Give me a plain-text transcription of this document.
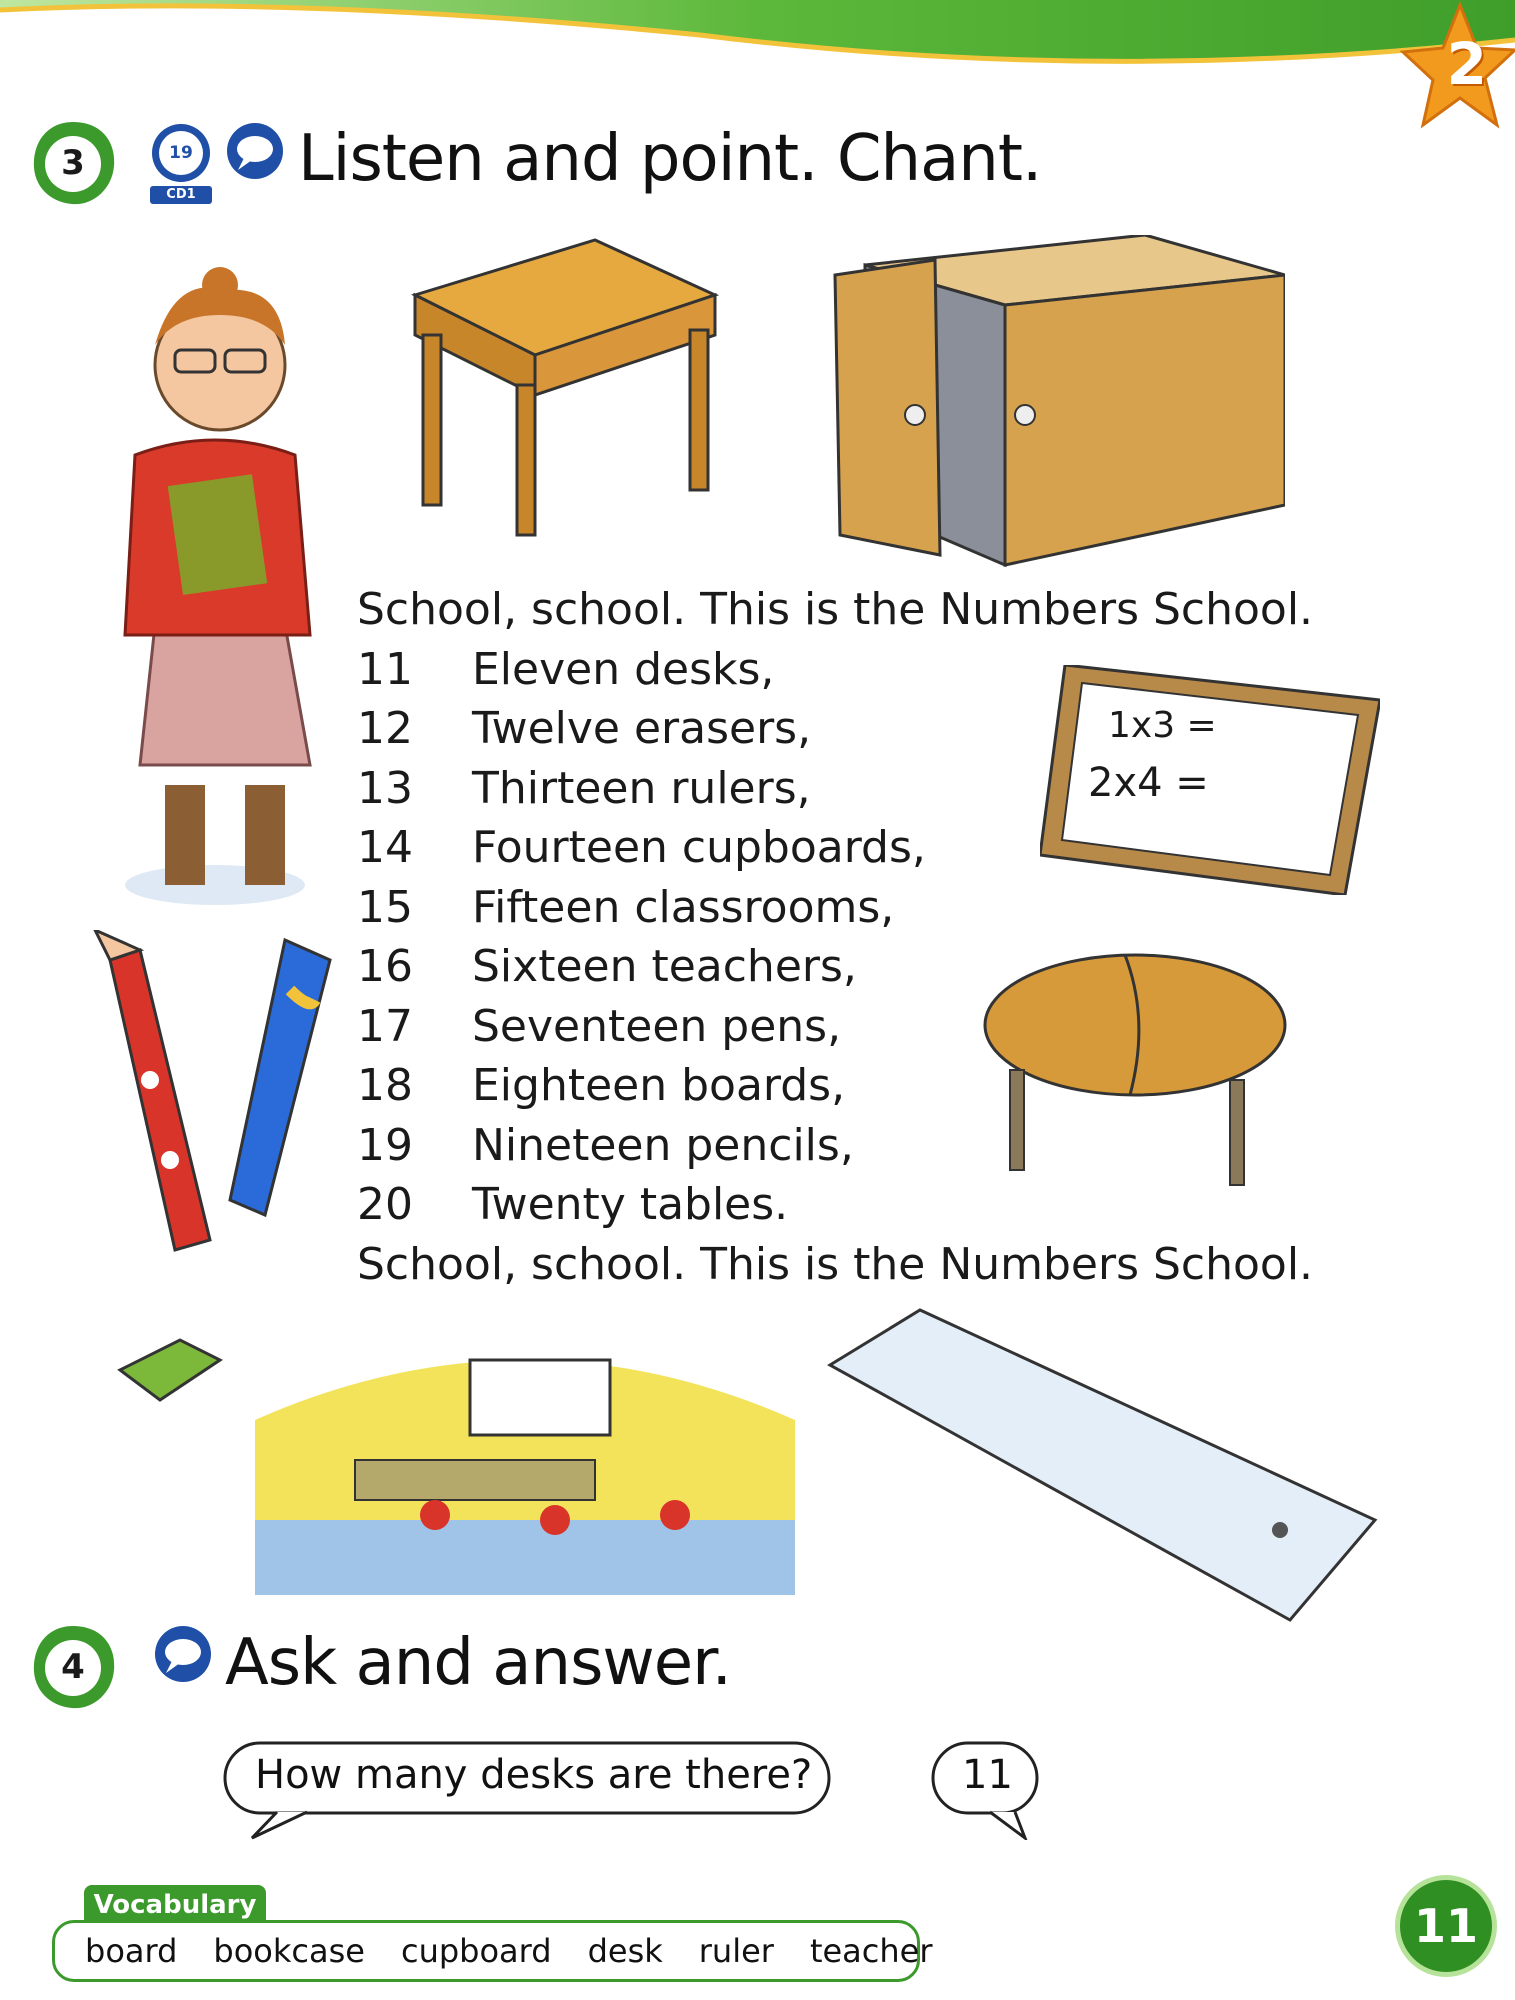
2
3	19
CD1 Listen and point. Chant.
School, school. This is the Numbers School.
11 Eleven desks,
12 Twelve erasers,
13 Thirteen rulers,
14 Fourteen cupboards,
15 Fifteen classrooms,
16 Sixteen teachers,
17 Seventeen pens,
18 Eighteen boards,
19 Nineteen pencils,
20 Twenty tables.
School, school. This is the Numbers School.
1x3 =
2x4 =
4	Ask and answer.
How many desks are there?	11
Vocabulary
board bookcase cupboard desk ruler teacher	11
